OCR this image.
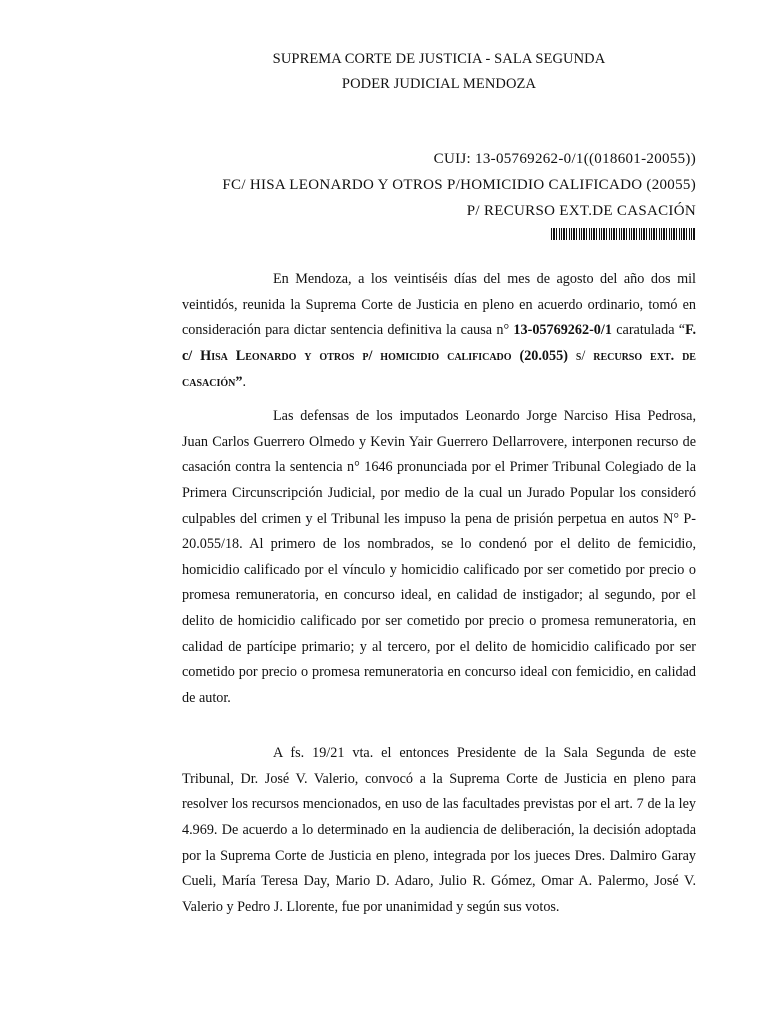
SUPREMA CORTE DE JUSTICIA - SALA SEGUNDA
PODER JUDICIAL MENDOZA
CUIJ: 13-05769262-0/1((018601-20055))
FC/ HISA LEONARDO Y OTROS P/HOMICIDIO CALIFICADO (20055)
P/ RECURSO EXT.DE CASACIÓN

En Mendoza, a los veintiséis días del mes de agosto del año dos mil veintidós, reunida la Suprema Corte de Justicia en pleno en acuerdo ordinario, tomó en consideración para dictar sentencia definitiva la causa n° 13-05769262-0/1 caratulada “F. c/ Hisa Leonardo y otros p/ homicidio calificado (20.055) s/ recurso ext. de casación”.

Las defensas de los imputados Leonardo Jorge Narciso Hisa Pedrosa, Juan Carlos Guerrero Olmedo y Kevin Yair Guerrero Dellarrovere, interponen recurso de casación contra la sentencia n° 1646 pronunciada por el Primer Tribunal Colegiado de la Primera Circunscripción Judicial, por medio de la cual un Jurado Popular los consideró culpables del crimen y el Tribunal les impuso la pena de prisión perpetua en autos N° P-20.055/18. Al primero de los nombrados, se lo condenó por el delito de femicidio, homicidio calificado por el vínculo y homicidio calificado por ser cometido por precio o promesa remuneratoria, en concurso ideal, en calidad de instigador; al segundo, por el delito de homicidio calificado por ser cometido por precio o promesa remuneratoria, en calidad de partícipe primario; y al tercero, por el delito de homicidio calificado por ser cometido por precio o promesa remuneratoria en concurso ideal con femicidio, en calidad de autor.

A fs. 19/21 vta. el entonces Presidente de la Sala Segunda de este Tribunal, Dr. José V. Valerio, convocó a la Suprema Corte de Justicia en pleno para resolver los recursos mencionados, en uso de las facultades previstas por el art. 7 de la ley 4.969. De acuerdo a lo determinado en la audiencia de deliberación, la decisión adoptada por la Suprema Corte de Justicia en pleno, integrada por los jueces Dres. Dalmiro Garay Cueli, María Teresa Day, Mario D. Adaro, Julio R. Gómez, Omar A. Palermo, José V. Valerio y Pedro J. Llorente, fue por unanimidad y según sus votos.
